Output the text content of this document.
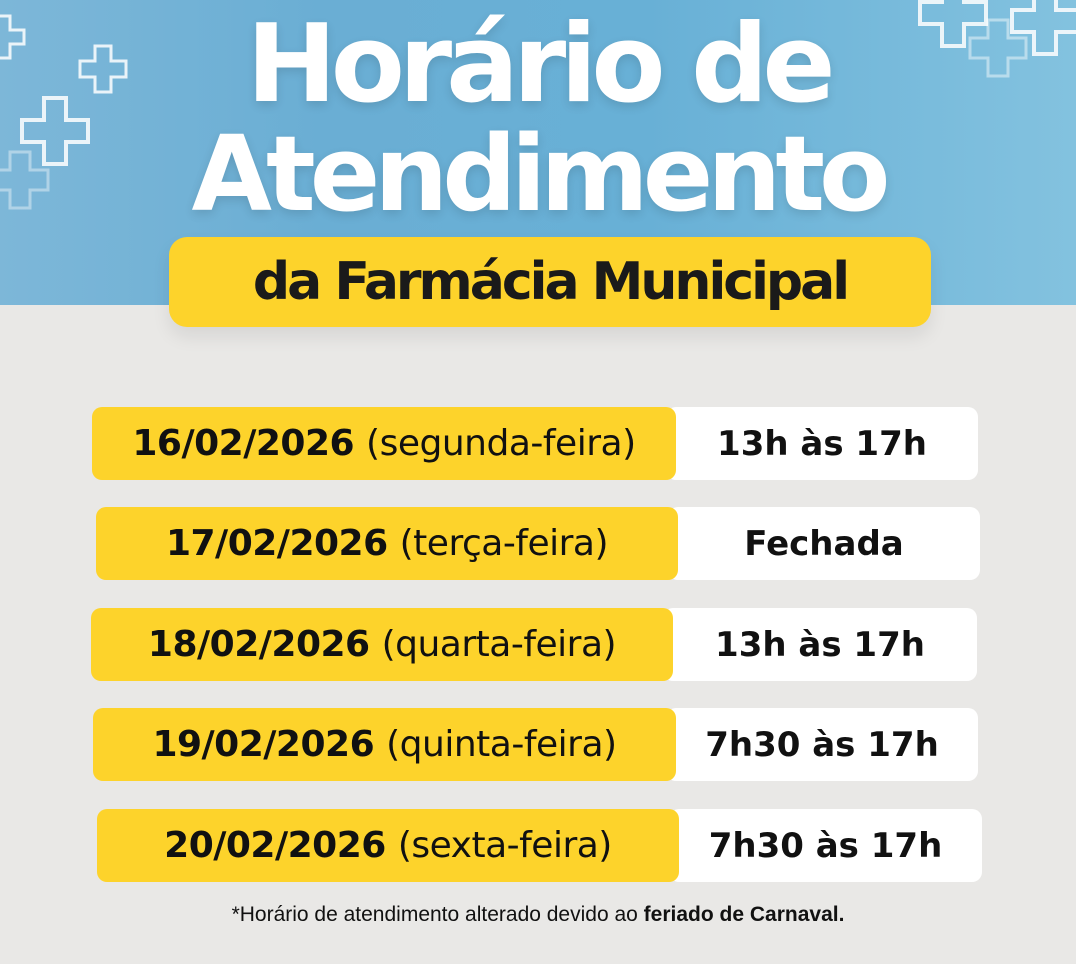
Horário de
Atendimento
da Farmácia Municipal
16/02/2026 (segunda-feira) 13h às 17h
17/02/2026 (terça-feira)	Fechada
18/02/2026 (quarta-feira)	13h às 17h
19/02/2026 (quinta-feira)	7h30 às 17h
20/02/2026 (sexta-feira)	7h30 às 17h

*Horário de atendimento alterado devido ao feriado de Carnaval.
